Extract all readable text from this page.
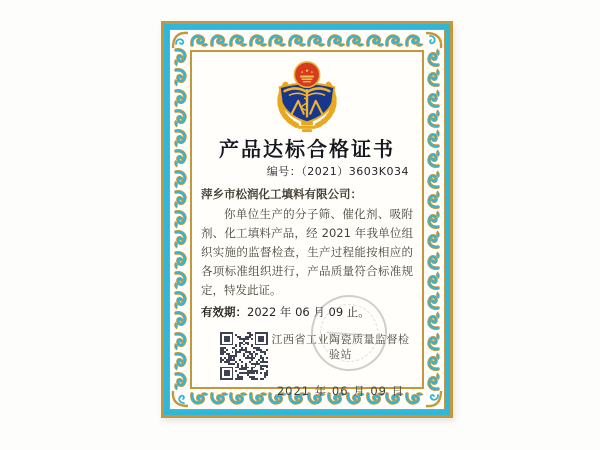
产品达标合格证书
编号：（2021）3603K034
萍乡市松润化工填料有限公司：

你单位生产的分子筛、催化剂、吸附剂、化工填料产品，经 2021 年我单位组织实施的监督检查，生产过程能按相应的各项标准组织进行，产品质量符合标准规定，特发此证。

有效期：2022 年 06 月 09 止。
江西省工业陶瓷质量监督检验站
2021 年 06 月 09 日
